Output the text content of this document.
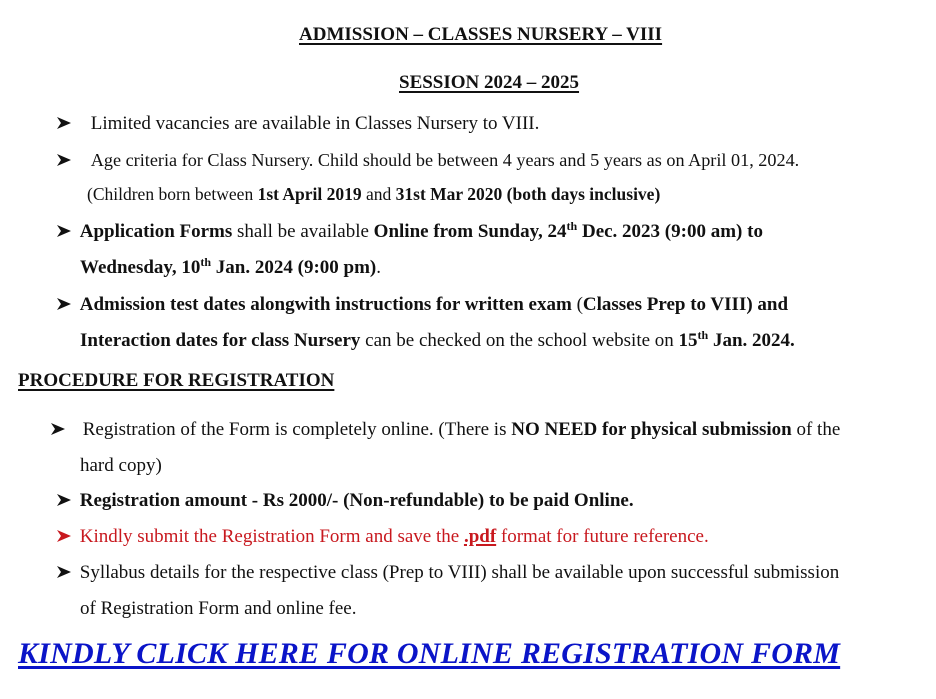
ADMISSION – CLASSES NURSERY – VIII
SESSION 2024 – 2025
Limited vacancies are available in Classes Nursery to VIII.
Age criteria for Class Nursery. Child should be between 4 years and 5 years as on April 01, 2024.
(Children born between 1st April 2019 and 31st Mar 2020 (both days inclusive)
Application Forms shall be available Online from Sunday, 24th Dec. 2023 (9:00 am) to
Wednesday, 10th Jan. 2024 (9:00 pm).
Admission test dates alongwith instructions for written exam (Classes Prep to VIII) and
Interaction dates for class Nursery can be checked on the school website on 15th Jan. 2024.
PROCEDURE FOR REGISTRATION
Registration of the Form is completely online. (There is NO NEED for physical submission of the
hard copy)
Registration amount - Rs 2000/- (Non-refundable) to be paid Online.
Kindly submit the Registration Form and save the .pdf format for future reference.
Syllabus details for the respective class (Prep to VIII) shall be available upon successful submission
of Registration Form and online fee.
KINDLY CLICK HERE FOR ONLINE REGISTRATION FORM
